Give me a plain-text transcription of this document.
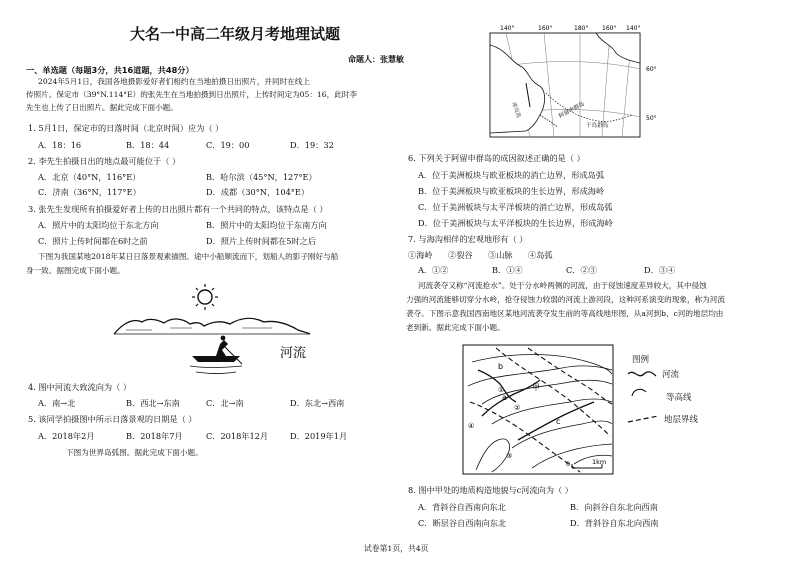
大名一中高二年级月考地理试题
命题人：张慧敏
一、单选题（每题3分，共16道题，共48分）
2024年5月1日，我国各地摄影爱好者们相约在当地拍摄日出照片，并同时在线上
传照片。保定市（39°N.114°E）的张先生在当地拍摄到日出照片，上传时间定为05：16，此时李
先生也上传了日出照片。据此完成下面小题。
1. 5月1日，保定市的日落时间（北京时间）应为（ ）
A．18：16	B．18：44	C．19：00	D．19：32
2. 李先生拍摄日出的地点最可能位于（ ）
A．北京（40°N，116°E）	B．哈尔滨（45°N，127°E）
C．济南（36°N，117°E）	D．成都（30°N，104°E）
3. 张先生发现所有拍摄爱好者上传的日出照片都有一个共同的特点，该特点是（ ）
A．照片中的太阳均位于东北方向	B．照片中的太阳均位于东南方向
C．照片上传时间都在6时之前	D．照片上传时间都在5时之后
下图为我国某地2018年某日日落景观素描图。途中小船顺流而下，划船人的影子刚好与船
身一致。据图完成下面小题。
河流
4. 图中河流大致流向为（ ）
A．南→北	B．西北→东南	C．北→南	D．东北→西南
5. 该同学拍摄图中所示日落景观的日期是（ ）
A．2018年2月	B．2018年7月	C．2018年12月	D．2019年1月
下图为世界岛弧图。据此完成下面小题。
140°	160°	180° 160° 140°
60°
50°
阿留申群岛
千岛群岛
库页岛
6. 下列关于阿留申群岛的成因叙述正确的是（ ）
A．位于美洲板块与欧亚板块的消亡边界，形成岛弧
B．位于美洲板块与欧亚板块的生长边界，形成海岭
C．位于美洲板块与太平洋板块的消亡边界，形成岛弧
D．位于美洲板块与太平洋板块的生长边界，形成海岭
7. 与海沟相伴的宏观地形有（ ）
①海岭 ②裂谷 ③山脉 ④岛弧
A．①②	B．①④	C．②③	D．③④
河流袭夺又称“河流抢水”。处于分水岭两侧的河流，由于侵蚀速度差异较大，其中侵蚀
力强的河流能够切穿分水岭，抢夺侵蚀力较弱的河流上游河段，这种河系演变的现象，称为河流
袭夺。下图示意我国西南地区某地河流袭夺发生前的等高线地形图，从a河到b、c河的地层均由
老到新。据此完成下面小题。
b
a
c
甲
①
②
③
④
0	1km
图例
河流
等高线
地层界线
8. 图中甲处的地质构造地貌与c河流向为（ ）
A．背斜谷自西南向东北	B．向斜谷自东北向西南
C．断层谷自西南向东北	D．背斜谷自东北向西南
试卷第1页，共4页
